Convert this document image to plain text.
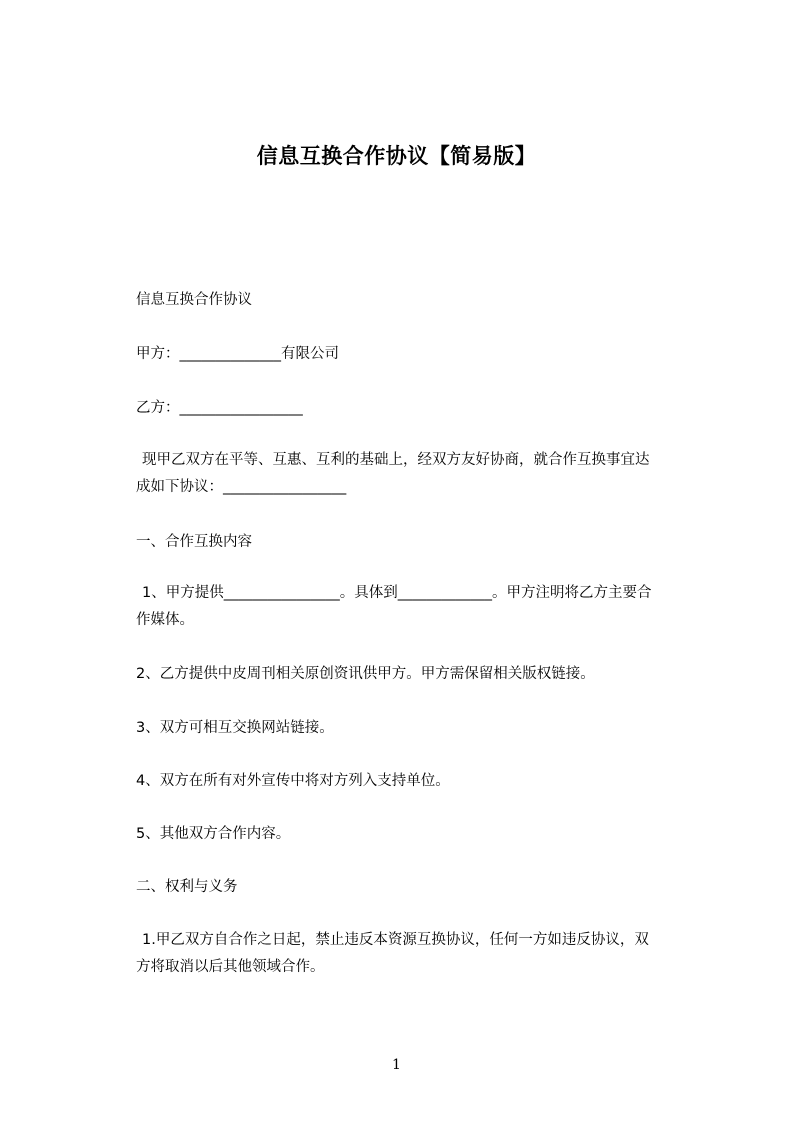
信息互换合作协议【简易版】
信息互换合作协议
甲方：______________有限公司
乙方：_________________
现甲乙双方在平等、互惠、互利的基础上，经双方友好协商，就合作互换事宜达
成如下协议：_________________
一、合作互换内容
1、甲方提供________________。具体到_____________。甲方注明将乙方主要合
作媒体。
2、乙方提供中皮周刊相关原创资讯供甲方。甲方需保留相关版权链接。
3、双方可相互交换网站链接。
4、双方在所有对外宣传中将对方列入支持单位。
5、其他双方合作内容。
二、权利与义务
1.甲乙双方自合作之日起，禁止违反本资源互换协议，任何一方如违反协议，双
方将取消以后其他领域合作。
1
